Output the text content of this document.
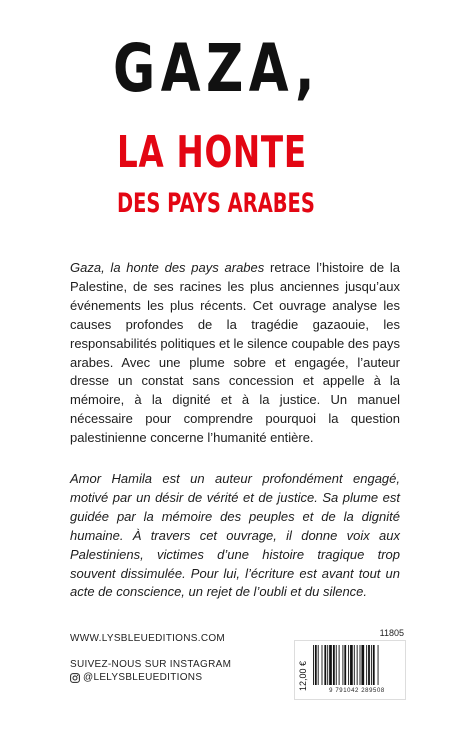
GAZA,
LA HONTE
DES PAYS ARABES

Gaza, la honte des pays arabes retrace l’histoire de la Palestine, de ses racines les plus anciennes jusqu’aux événements les plus récents. Cet ouvrage analyse les causes profondes de la tragédie gazaouie, les responsabilités politiques et le silence coupable des pays arabes. Avec une plume sobre et engagée, l’auteur dresse un constat sans concession et appelle à la mémoire, à la dignité et à la justice. Un manuel nécessaire pour comprendre pourquoi la question palestinienne concerne l’humanité entière.

Amor Hamila est un auteur profondément engagé, motivé par un désir de vérité et de justice. Sa plume est guidée par la mémoire des peuples et de la dignité humaine. À travers cet ouvrage, il donne voix aux Palestiniens, victimes d’une histoire tragique trop souvent dissimulée. Pour lui, l’écriture est avant tout un acte de conscience, un rejet de l’oubli et du silence.

WWW.LYSBLEUEDITIONS.COM
SUIVEZ-NOUS SUR INSTAGRAM
@LELYSBLEUEDITIONS
11805
12,00 €	9 791042 289508
